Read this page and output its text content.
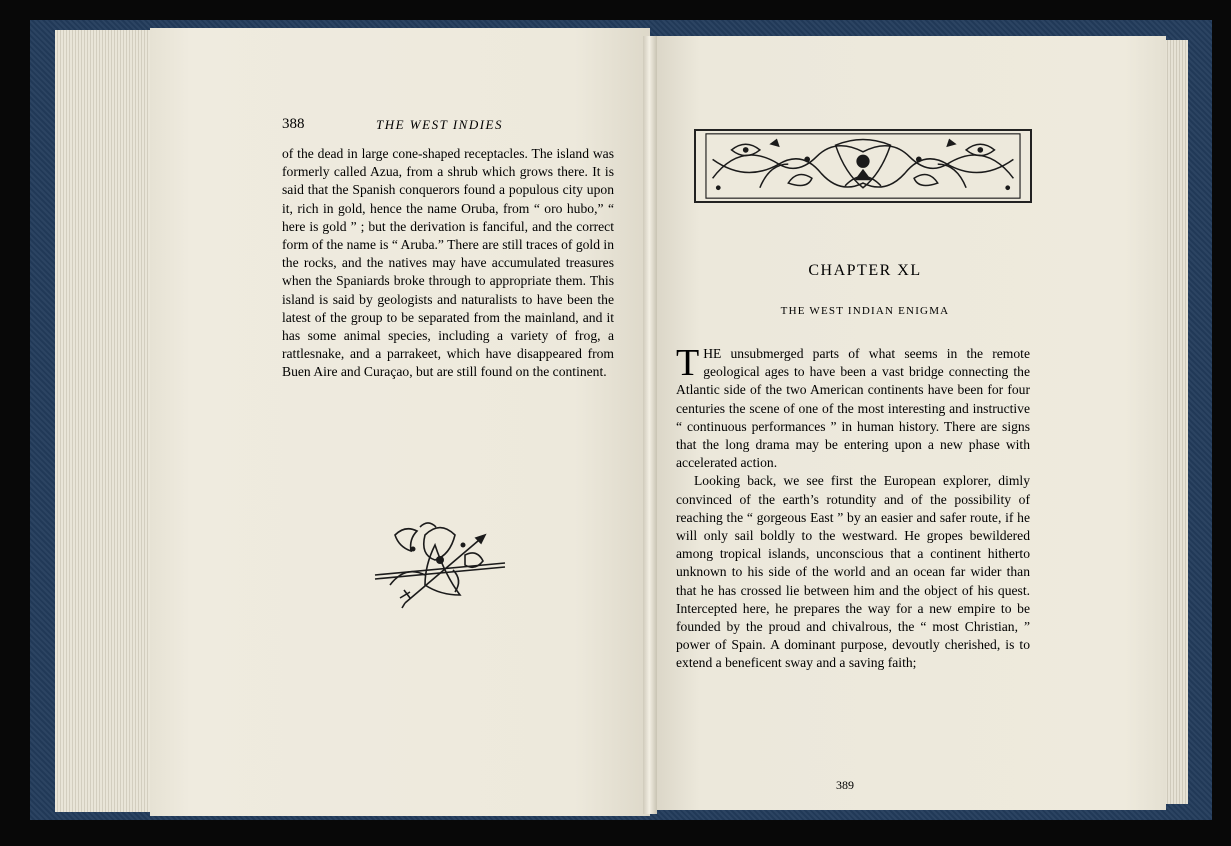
388	THE WEST INDIES

of the dead in large cone-shaped receptacles. The island was formerly called Azua, from a shrub which grows there. It is said that the Spanish conquerors found a populous city upon it, rich in gold, hence the name Oruba, from “ oro hubo,” “ here is gold ” ; but the derivation is fanciful, and the correct form of the name is “ Aruba.” There are still traces of gold in the rocks, and the natives may have accumulated treasures when the Spaniards broke through to appropriate them. This island is said by geologists and naturalists to have been the latest of the group to be separated from the mainland, and it has some animal species, including a variety of frog, a rattlesnake, and a parrakeet, which have disappeared from Buen Aire and Curaçao, but are still found on the continent.

CHAPTER XL
THE WEST INDIAN ENIGMA

THE unsubmerged parts of what seems in the remote geological ages to have been a vast bridge connecting the Atlantic side of the two American continents have been for four centuries the scene of one of the most interesting and instructive “ continuous performances ” in human history. There are signs that the long drama may be entering upon a new phase with accelerated action.

Looking back, we see first the European explorer, dimly convinced of the earth’s rotundity and of the possibility of reaching the “ gorgeous East ” by an easier and safer route, if he will only sail boldly to the westward. He gropes bewildered among tropical islands, unconscious that a continent hitherto unknown to his side of the world and an ocean far wider than that he has crossed lie between him and the object of his quest. Intercepted here, he prepares the way for a new empire to be founded by the proud and chivalrous, the “ most Christian, ” power of Spain. A dominant purpose, devoutly cherished, is to extend a beneficent sway and a saving faith;

389
